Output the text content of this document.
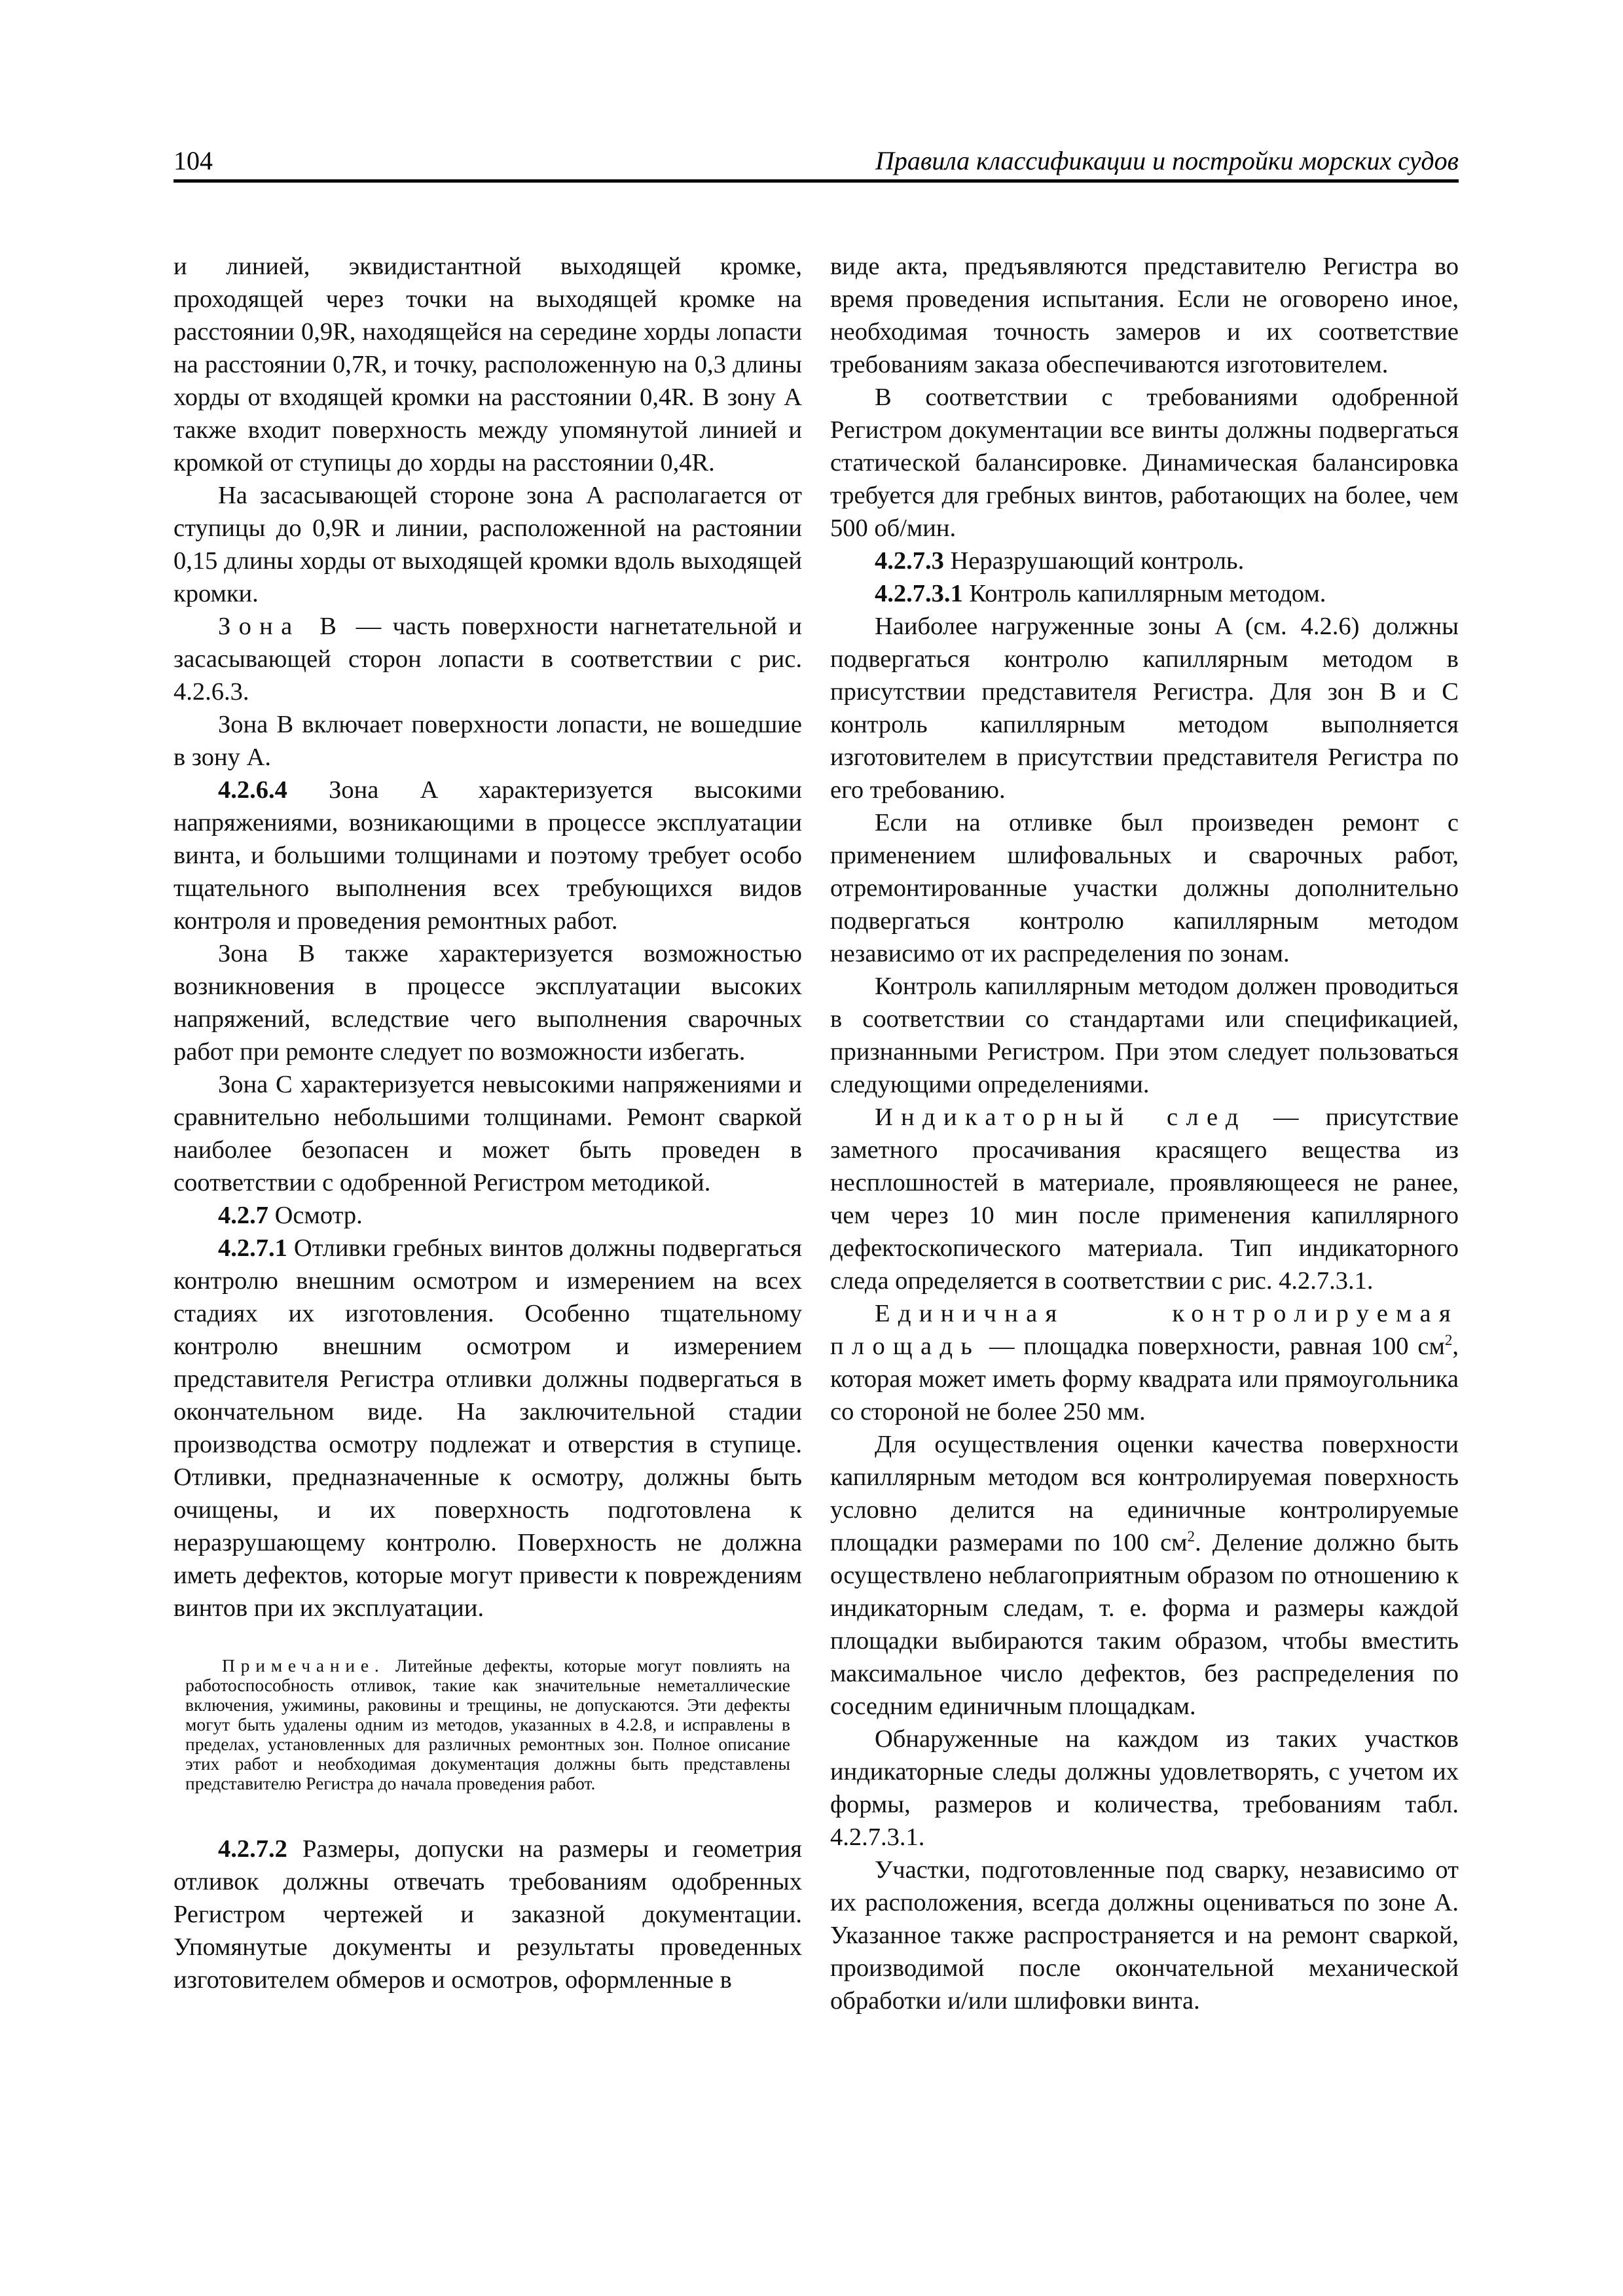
104	Правила классификации и постройки морских судов

и линией, эквидистантной выходящей кромке, проходящей через точки на выходящей кромке на расстоянии 0,9R, находящейся на середине хорды лопасти на расстоянии 0,7R, и точку, расположенную на 0,3 длины хорды от входящей кромки на расстоянии 0,4R. В зону A также входит поверхность между упомянутой линией и кромкой от ступицы до хорды на расстоянии 0,4R.

На засасывающей стороне зона A располагается от ступицы до 0,9R и линии, расположенной на растоянии 0,15 длины хорды от выходящей кромки вдоль выходящей кромки.

Зона B — часть поверхности нагнетательной и засасывающей сторон лопасти в соответствии с рис. 4.2.6.3.

Зона B включает поверхности лопасти, не вошедшие в зону A.

4.2.6.4 Зона A характеризуется высокими напряжениями, возникающими в процессе эксплуатации винта, и большими толщинами и поэтому требует особо тщательного выполнения всех требующихся видов контроля и проведения ремонтных работ.

Зона B также характеризуется возможностью возникновения в процессе эксплуатации высоких напряжений, вследствие чего выполнения сварочных работ при ремонте следует по возможности избегать.

Зона C характеризуется невысокими напряжениями и сравнительно небольшими толщинами. Ремонт сваркой наиболее безопасен и может быть проведен в соответствии с одобренной Регистром методикой.

4.2.7 Осмотр.

4.2.7.1 Отливки гребных винтов должны подвергаться контролю внешним осмотром и измерением на всех стадиях их изготовления. Особенно тщательному контролю внешним осмотром и измерением представителя Регистра отливки должны подвергаться в окончательном виде. На заключительной стадии производства осмотру подлежат и отверстия в ступице. Отливки, предназначенные к осмотру, должны быть очищены, и их поверхность подготовлена к неразрушающему контролю. Поверхность не должна иметь дефектов, которые могут привести к повреждениям винтов при их эксплуатации.

Примечание. Литейные дефекты, которые могут повлиять на работоспособность отливок, такие как значительные неметаллические включения, ужимины, раковины и трещины, не допускаются. Эти дефекты могут быть удалены одним из методов, указанных в 4.2.8, и исправлены в пределах, установленных для различных ремонтных зон. Полное описание этих работ и необходимая документация должны быть представлены представителю Регистра до начала проведения работ.

4.2.7.2 Размеры, допуски на размеры и геометрия отливок должны отвечать требованиям одобренных Регистром чертежей и заказной документации. Упомянутые документы и результаты проведенных изготовителем обмеров и осмотров, оформленные в

виде акта, предъявляются представителю Регистра во время проведения испытания. Если не оговорено иное, необходимая точность замеров и их соответствие требованиям заказа обеспечиваются изготовителем.

В соответствии с требованиями одобренной Регистром документации все винты должны подвергаться статической балансировке. Динамическая балансировка требуется для гребных винтов, работающих на более, чем 500 об/мин.

4.2.7.3 Неразрушающий контроль.

4.2.7.3.1 Контроль капиллярным методом.

Наиболее нагруженные зоны A (см. 4.2.6) должны подвергаться контролю капиллярным методом в присутствии представителя Регистра. Для зон B и C контроль капиллярным методом выполняется изготовителем в присутствии представителя Регистра по его требованию.

Если на отливке был произведен ремонт с применением шлифовальных и сварочных работ, отремонтированные участки должны дополнительно подвергаться контролю капиллярным методом независимо от их распределения по зонам.

Контроль капиллярным методом должен проводиться в соответствии со стандартами или спецификацией, признанными Регистром. При этом следует пользоваться следующими определениями.

Индикаторный след — присутствие заметного просачивания красящего вещества из несплошностей в материале, проявляющееся не ранее, чем через 10 мин после применения капиллярного дефектоскопического материала. Тип индикаторного следа определяется в соответствии с рис. 4.2.7.3.1.

Единичная контролируемая площадь — площадка поверхности, равная 100 $см^2$, которая может иметь форму квадрата или прямоугольника со стороной не более 250 мм.

Для осуществления оценки качества поверхности капиллярным методом вся контролируемая поверхность условно делится на единичные контролируемые площадки размерами по 100 $см^2$. Деление должно быть осуществлено неблагоприятным образом по отношению к индикаторным следам, т. е. форма и размеры каждой площадки выбираются таким образом, чтобы вместить максимальное число дефектов, без распределения по соседним единичным площадкам.

Обнаруженные на каждом из таких участков индикаторные следы должны удовлетворять, с учетом их формы, размеров и количества, требованиям табл. 4.2.7.3.1.

Участки, подготовленные под сварку, независимо от их расположения, всегда должны оцениваться по зоне A. Указанное также распространяется и на ремонт сваркой, производимой после окончательной механической обработки и/или шлифовки винта.
